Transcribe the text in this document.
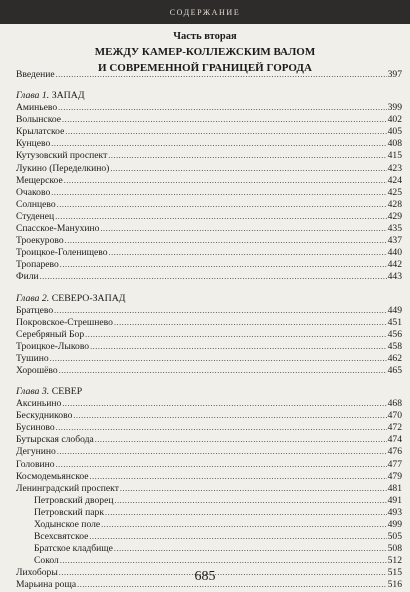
СОДЕРЖАНИЕ
Часть вторая
МЕЖДУ КАМЕР-КОЛЛЕЖСКИМ ВАЛОМ
И СОВРЕМЕННОЙ ГРАНИЦЕЙ ГОРОДА
Введение .....	397
Глава 1. ЗАПАД
Аминьево .....	399
Волынское .....	402
Крылатское .....	405
Кунцево .....	408
Кутузовский проспект .....	415
Лукино (Переделкино) .....	423
Мещерское .....	424
Очаково .....	425
Солнцево .....	428
Студенец .....	429
Спасское-Манухино .....	435
Троекурово .....	437
Троицкое-Голенищево .....	440
Тропарево .....	442
Фили .....	443
Глава 2. СЕВЕРО-ЗАПАД
Братцево .....	449
Покровское-Стрешнево .....	451
Серебряный Бор .....	456
Троицкое-Лыково .....	458
Тушино .....	462
Хорошёво .....	465
Глава 3. СЕВЕР
Аксиньино .....	468
Бескудниково .....	470
Бусиново .....	472
Бутырская слобода .....	474
Дегунино .....	476
Головино .....	477
Космодемьянское .....	479
Ленинградский проспект .....	481
Петровский дворец .....	491
Петровский парк .....	493
Ходынское поле .....	499
Всехсвятское .....	505
Братское кладбище .....	508
Сокол .....	512
Лихоборы .....	515
Марьина роща .....	516
685
